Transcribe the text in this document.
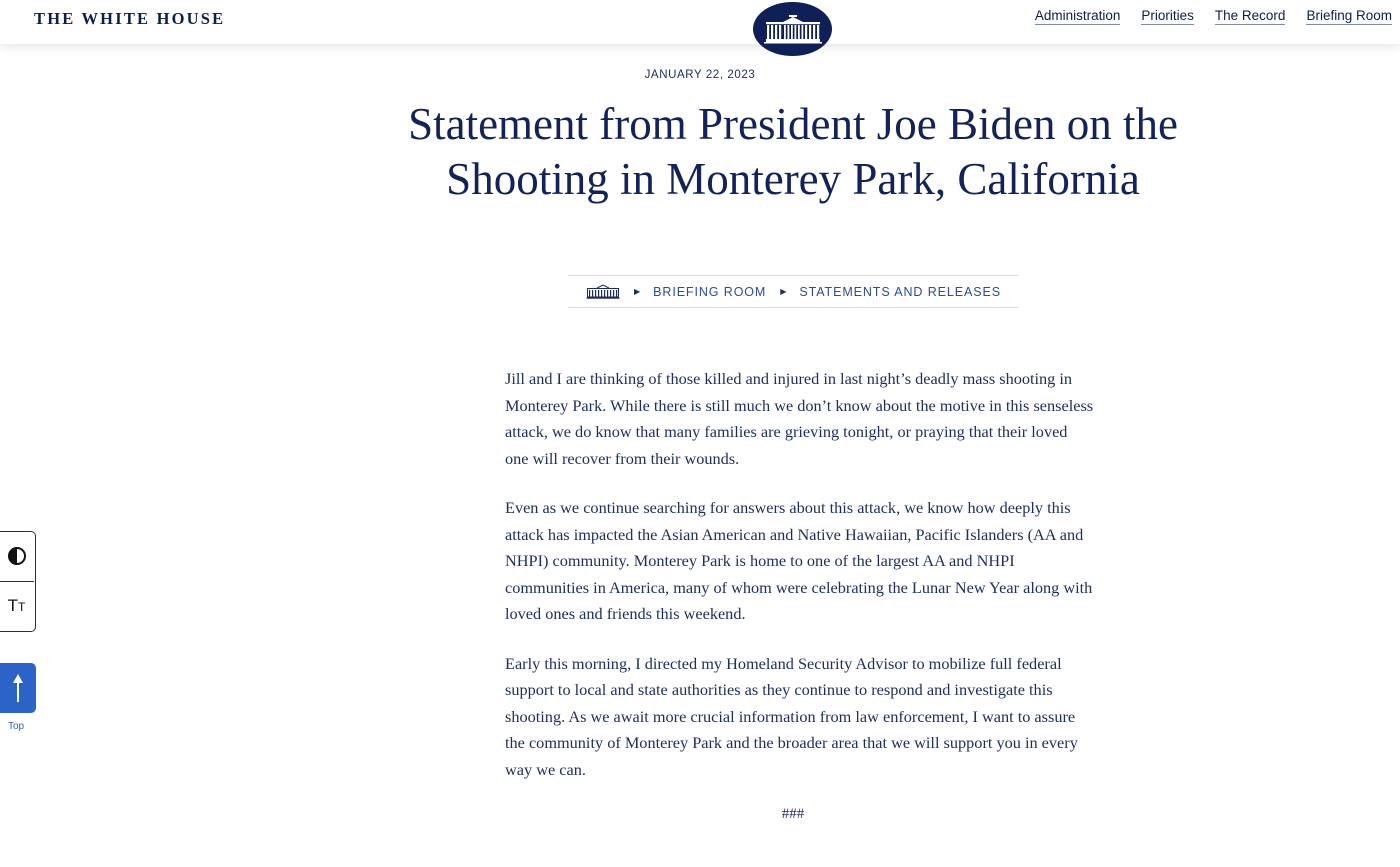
THE WHITE HOUSE	Administration Priorities The Record Briefing Room
JANUARY 22, 2023
Statement from President Joe Biden on the Shooting in Monterey Park, California
▶ BRIEFING ROOM ▶ STATEMENTS AND RELEASES

Jill and I are thinking of those killed and injured in last night’s deadly mass shooting in Monterey Park. While there is still much we don’t know about the motive in this senseless attack, we do know that many families are grieving tonight, or praying that their loved one will recover from their wounds.

Even as we continue searching for answers about this attack, we know how deeply this attack has impacted the Asian American and Native Hawaiian, Pacific Islanders (AA and NHPI) community. Monterey Park is home to one of the largest AA and NHPI communities in America, many of whom were celebrating the Lunar New Year along with loved ones and friends this weekend.

Early this morning, I directed my Homeland Security Advisor to mobilize full federal support to local and state authorities as they continue to respond and investigate this shooting. As we await more crucial information from law enforcement, I want to assure the community of Monterey Park and the broader area that we will support you in every way we can.

###
TT
Top
